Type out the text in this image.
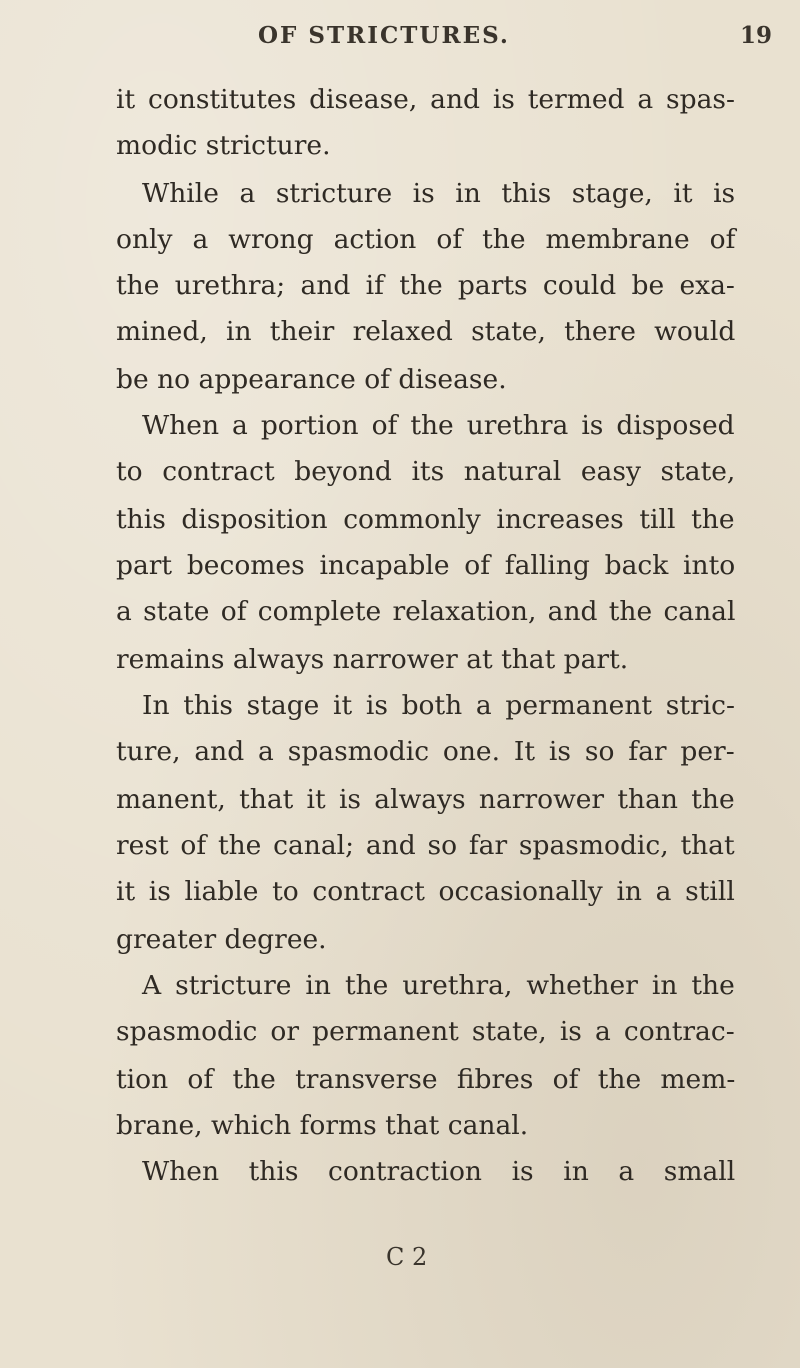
OF STRICTURES.	19
it constitutes disease, and is termed a spas-
modic stricture.
While a stricture is in this stage, it is
only a wrong action of the membrane of
the urethra; and if the parts could be exa-
mined, in their relaxed state, there would
be no appearance of disease.
When a portion of the urethra is disposed
to contract beyond its natural easy state,
this disposition commonly increases till the
part becomes incapable of falling back into
a state of complete relaxation, and the canal
remains always narrower at that part.
In this stage it is both a permanent stric-
ture, and a spasmodic one. It is so far per-
manent, that it is always narrower than the
rest of the canal; and so far spasmodic, that
it is liable to contract occasionally in a still
greater degree.
A stricture in the urethra, whether in the
spasmodic or permanent state, is a contrac-
tion of the transverse fibres of the mem-
brane, which forms that canal.
When this contraction is in a small
C 2
